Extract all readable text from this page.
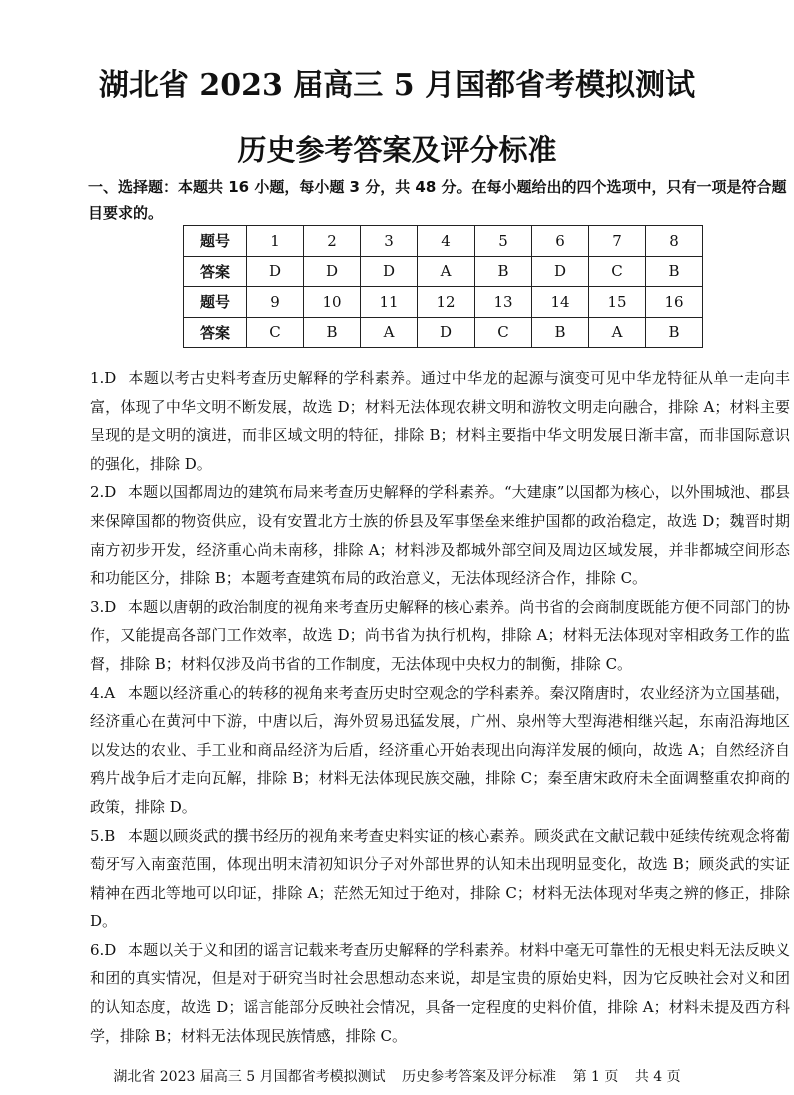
湖北省 2023 届高三 5 月国都省考模拟测试
历史参考答案及评分标准
一、选择题：本题共 16 小题，每小题 3 分，共 48 分。在每小题给出的四个选项中，只有一项是符合题目要求的。
题号	1	2	3	4	5	6	7	8
答案	D	D	D	A	B	D	C	B
题号	9	10	11	12	13	14	15	16
答案	C	B	A	D	C	B	A	B

1.D 本题以考古史料考查历史解释的学科素养。通过中华龙的起源与演变可见中华龙特征从单一走向丰富，体现了中华文明不断发展，故选 D；材料无法体现农耕文明和游牧文明走向融合，排除 A；材料主要呈现的是文明的演进，而非区域文明的特征，排除 B；材料主要指中华文明发展日渐丰富，而非国际意识的强化，排除 D。

2.D 本题以国都周边的建筑布局来考查历史解释的学科素养。“大建康”以国都为核心，以外围城池、郡县来保障国都的物资供应，设有安置北方士族的侨县及军事堡垒来维护国都的政治稳定，故选 D；魏晋时期南方初步开发，经济重心尚未南移，排除 A；材料涉及都城外部空间及周边区域发展，并非都城空间形态和功能区分，排除 B；本题考查建筑布局的政治意义，无法体现经济合作，排除 C。

3.D 本题以唐朝的政治制度的视角来考查历史解释的核心素养。尚书省的会商制度既能方便不同部门的协作，又能提高各部门工作效率，故选 D；尚书省为执行机构，排除 A；材料无法体现对宰相政务工作的监督，排除 B；材料仅涉及尚书省的工作制度，无法体现中央权力的制衡，排除 C。

4.A 本题以经济重心的转移的视角来考查历史时空观念的学科素养。秦汉隋唐时，农业经济为立国基础，经济重心在黄河中下游，中唐以后，海外贸易迅猛发展，广州、泉州等大型海港相继兴起，东南沿海地区以发达的农业、手工业和商品经济为后盾，经济重心开始表现出向海洋发展的倾向，故选 A；自然经济自鸦片战争后才走向瓦解，排除 B；材料无法体现民族交融，排除 C；秦至唐宋政府未全面调整重农抑商的政策，排除 D。

5.B 本题以顾炎武的撰书经历的视角来考查史料实证的核心素养。顾炎武在文献记载中延续传统观念将葡萄牙写入南蛮范围，体现出明末清初知识分子对外部世界的认知未出现明显变化，故选 B；顾炎武的实证精神在西北等地可以印证，排除 A；茫然无知过于绝对，排除 C；材料无法体现对华夷之辨的修正，排除 D。

6.D 本题以关于义和团的谣言记载来考查历史解释的学科素养。材料中毫无可靠性的无根史料无法反映义和团的真实情况，但是对于研究当时社会思想动态来说，却是宝贵的原始史料，因为它反映社会对义和团的认知态度，故选 D；谣言能部分反映社会情况，具备一定程度的史料价值，排除 A；材料未提及西方科学，排除 B；材料无法体现民族情感，排除 C。

湖北省 2023 届高三 5 月国都省考模拟测试 历史参考答案及评分标准 第 1 页 共 4 页
